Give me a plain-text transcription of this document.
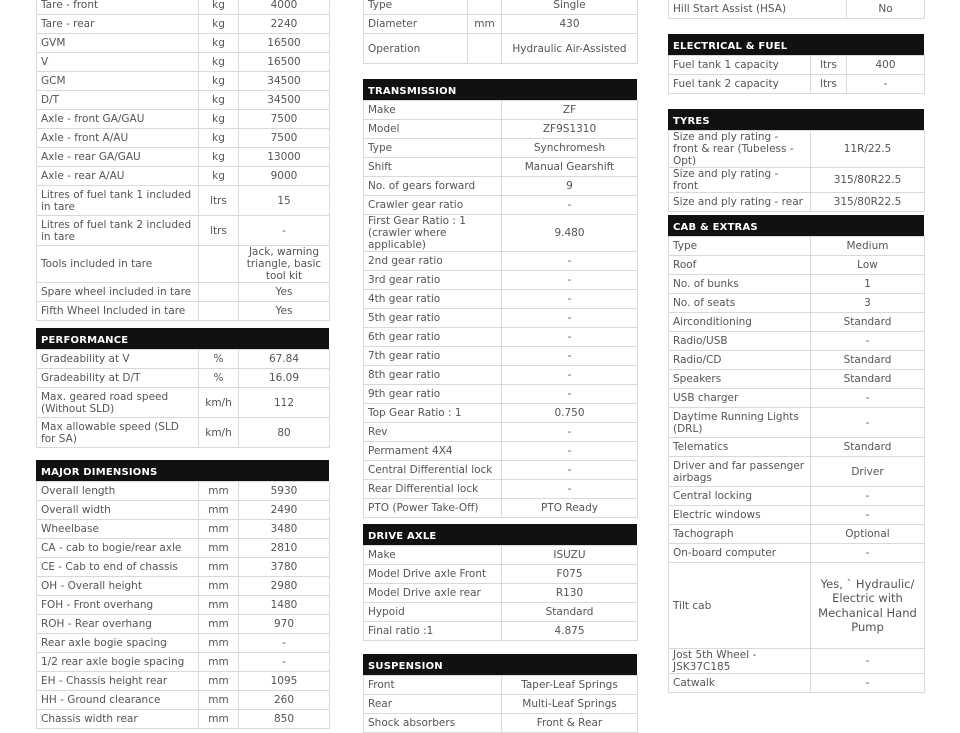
Tare - front	kg	4000
Tare - rear	kg	2240
GVM	kg	16500
V	kg	16500
GCM	kg	34500
D/T	kg	34500
Axle - front GA/GAU	kg	7500
Axle - front A/AU	kg	7500
Axle - rear GA/GAU	kg	13000
Axle - rear A/AU	kg	9000
Litres of fuel tank 1 included in tare	ltrs	15
Litres of fuel tank 2 included in tare	ltrs	-
Tools included in tare		Jack, warning triangle, basic tool kit
Spare wheel included in tare		Yes
Fifth Wheel Included in tare		Yes
PERFORMANCE
Gradeability at V	%	67.84
Gradeability at D/T	%	16.09
Max. geared road speed (Without SLD)	km/h	112
Max allowable speed (SLD for SA)	km/h	80
MAJOR DIMENSIONS
Overall length	mm	5930
Overall width	mm	2490
Wheelbase	mm	3480
CA - cab to bogie/rear axle	mm	2810
CE - Cab to end of chassis	mm	3780
OH - Overall height	mm	2980
FOH - Front overhang	mm	1480
ROH - Rear overhang	mm	970
Rear axle bogie spacing	mm	-
1/2 rear axle bogie spacing	mm	-
EH - Chassis height rear	mm	1095
HH - Ground clearance	mm	260
Chassis width rear	mm	850
Type		Single
Diameter	mm	430
Operation		Hydraulic Air-Assisted
TRANSMISSION
Make	ZF
Model	ZF9S1310
Type	Synchromesh
Shift	Manual Gearshift
No. of gears forward	9
Crawler gear ratio	-
First Gear Ratio : 1 (crawler where applicable)	9.480
2nd gear ratio	-
3rd gear ratio	-
4th gear ratio	-
5th gear ratio	-
6th gear ratio	-
7th gear ratio	-
8th gear ratio	-
9th gear ratio	-
Top Gear Ratio : 1	0.750
Rev	-
Permament 4X4	-
Central Differential lock	-
Rear Differential lock	-
PTO (Power Take-Off)	PTO Ready
DRIVE AXLE
Make	ISUZU
Model Drive axle Front	F075
Model Drive axle rear	R130
Hypoid	Standard
Final ratio :1	4.875
SUSPENSION
Front	Taper-Leaf Springs
Rear	Multi-Leaf Springs
Shock absorbers	Front & Rear
Hill Start Assist (HSA)	No
ELECTRICAL & FUEL
Fuel tank 1 capacity	ltrs	400
Fuel tank 2 capacity	ltrs	-
TYRES
Size and ply rating - front & rear (Tubeless - Opt)	11R/22.5
Size and ply rating - front	315/80R22.5
Size and ply rating - rear	315/80R22.5
CAB & EXTRAS
Type	Medium
Roof	Low
No. of bunks	1
No. of seats	3
Airconditioning	Standard
Radio/USB	-
Radio/CD	Standard
Speakers	Standard
USB charger	-
Daytime Running Lights (DRL)	-
Telematics	Standard
Driver and far passenger airbags	Driver
Central locking	-
Electric windows	-
Tachograph	Optional
On-board computer	-
Tilt cab	Yes, ` Hydraulic/ Electric with Mechanical Hand Pump
Jost 5th Wheel - JSK37C185	-
Catwalk	-
